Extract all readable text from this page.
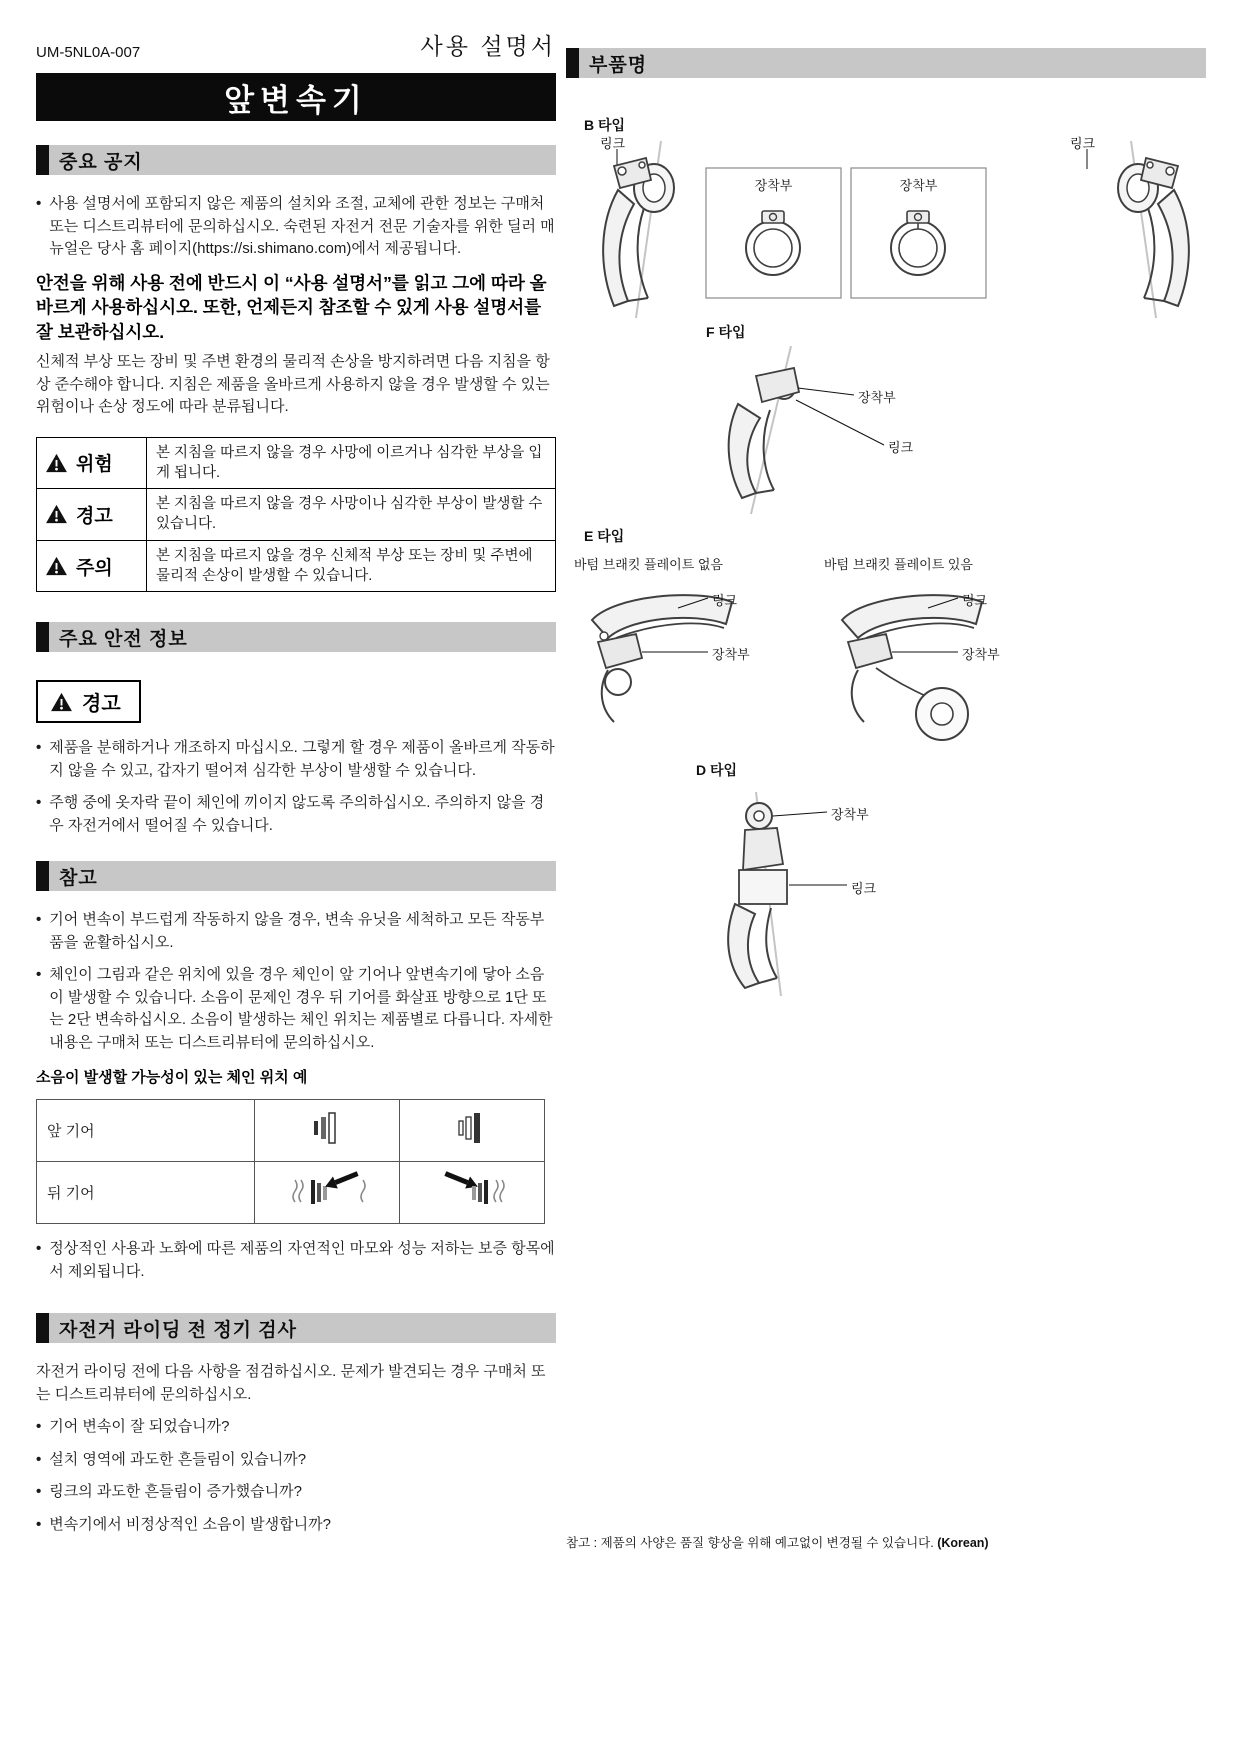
UM-5NL0A-007	사용 설명서
앞변속기
중요 공지
• 사용 설명서에 포함되지 않은 제품의 설치와 조절, 교체에 관한 정보는 구매처 또는 디스트리뷰터에 문의하십시오. 숙련된 자전거 전문 기술자를 위한 딜러 매뉴얼은 당사 홈 페이지(https://si.shimano.com)에서 제공됩니다.

안전을 위해 사용 전에 반드시 이 “사용 설명서”를 읽고 그에 따라 올바르게 사용하십시오. 또한, 언제든지 참조할 수 있게 사용 설명서를 잘 보관하십시오.

신체적 부상 또는 장비 및 주변 환경의 물리적 손상을 방지하려면 다음 지침을 항상 준수해야 합니다. 지침은 제품을 올바르게 사용하지 않을 경우 발생할 수 있는 위험이나 손상 정도에 따라 분류됩니다.

위험	본 지침을 따르지 않을 경우 사망에 이르거나 심각한 부상을 입게 됩니다.

경고	본 지침을 따르지 않을 경우 사망이나 심각한 부상이 발생할 수 있습니다.

주의	본 지침을 따르지 않을 경우 신체적 부상 또는 장비 및 주변에 물리적 손상이 발생할 수 있습니다.
주요 안전 정보
경고
• 제품을 분해하거나 개조하지 마십시오. 그렇게 할 경우 제품이 올바르게 작동하지 않을 수 있고, 갑자기 떨어져 심각한 부상이 발생할 수 있습니다.
• 주행 중에 옷자락 끝이 체인에 끼이지 않도록 주의하십시오. 주의하지 않을 경우 자전거에서 떨어질 수 있습니다.
참고
• 기어 변속이 부드럽게 작동하지 않을 경우, 변속 유닛을 세척하고 모든 작동부품을 윤활하십시오.
• 체인이 그림과 같은 위치에 있을 경우 체인이 앞 기어나 앞변속기에 닿아 소음이 발생할 수 있습니다. 소음이 문제인 경우 뒤 기어를 화살표 방향으로 1단 또는 2단 변속하십시오. 소음이 발생하는 체인 위치는 제품별로 다릅니다. 자세한 내용은 구매처 또는 디스트리뷰터에 문의하십시오.

소음이 발생할 가능성이 있는 체인 위치 예

앞 기어		
뒤 기어		
• 정상적인 사용과 노화에 따른 제품의 자연적인 마모와 성능 저하는 보증 항목에서 제외됩니다.
자전거 라이딩 전 정기 검사

자전거 라이딩 전에 다음 사항을 점검하십시오. 문제가 발견되는 경우 구매처 또는 디스트리뷰터에 문의하십시오.

• 기어 변속이 잘 되었습니까?
• 설치 영역에 과도한 흔들림이 있습니까?
• 링크의 과도한 흔들림이 증가했습니까?
• 변속기에서 비정상적인 소음이 발생합니까?
부품명
B 타입
링크	링크
장착부	장착부
F 타입
장착부
링크
E 타입
바텀 브래킷 플레이트 없음
링크
장착부
바텀 브래킷 플레이트 있음
링크
장착부
D 타입
장착부
링크
참고 : 제품의 사양은 품질 향상을 위해 예고없이 변경될 수 있습니다. (Korean)
